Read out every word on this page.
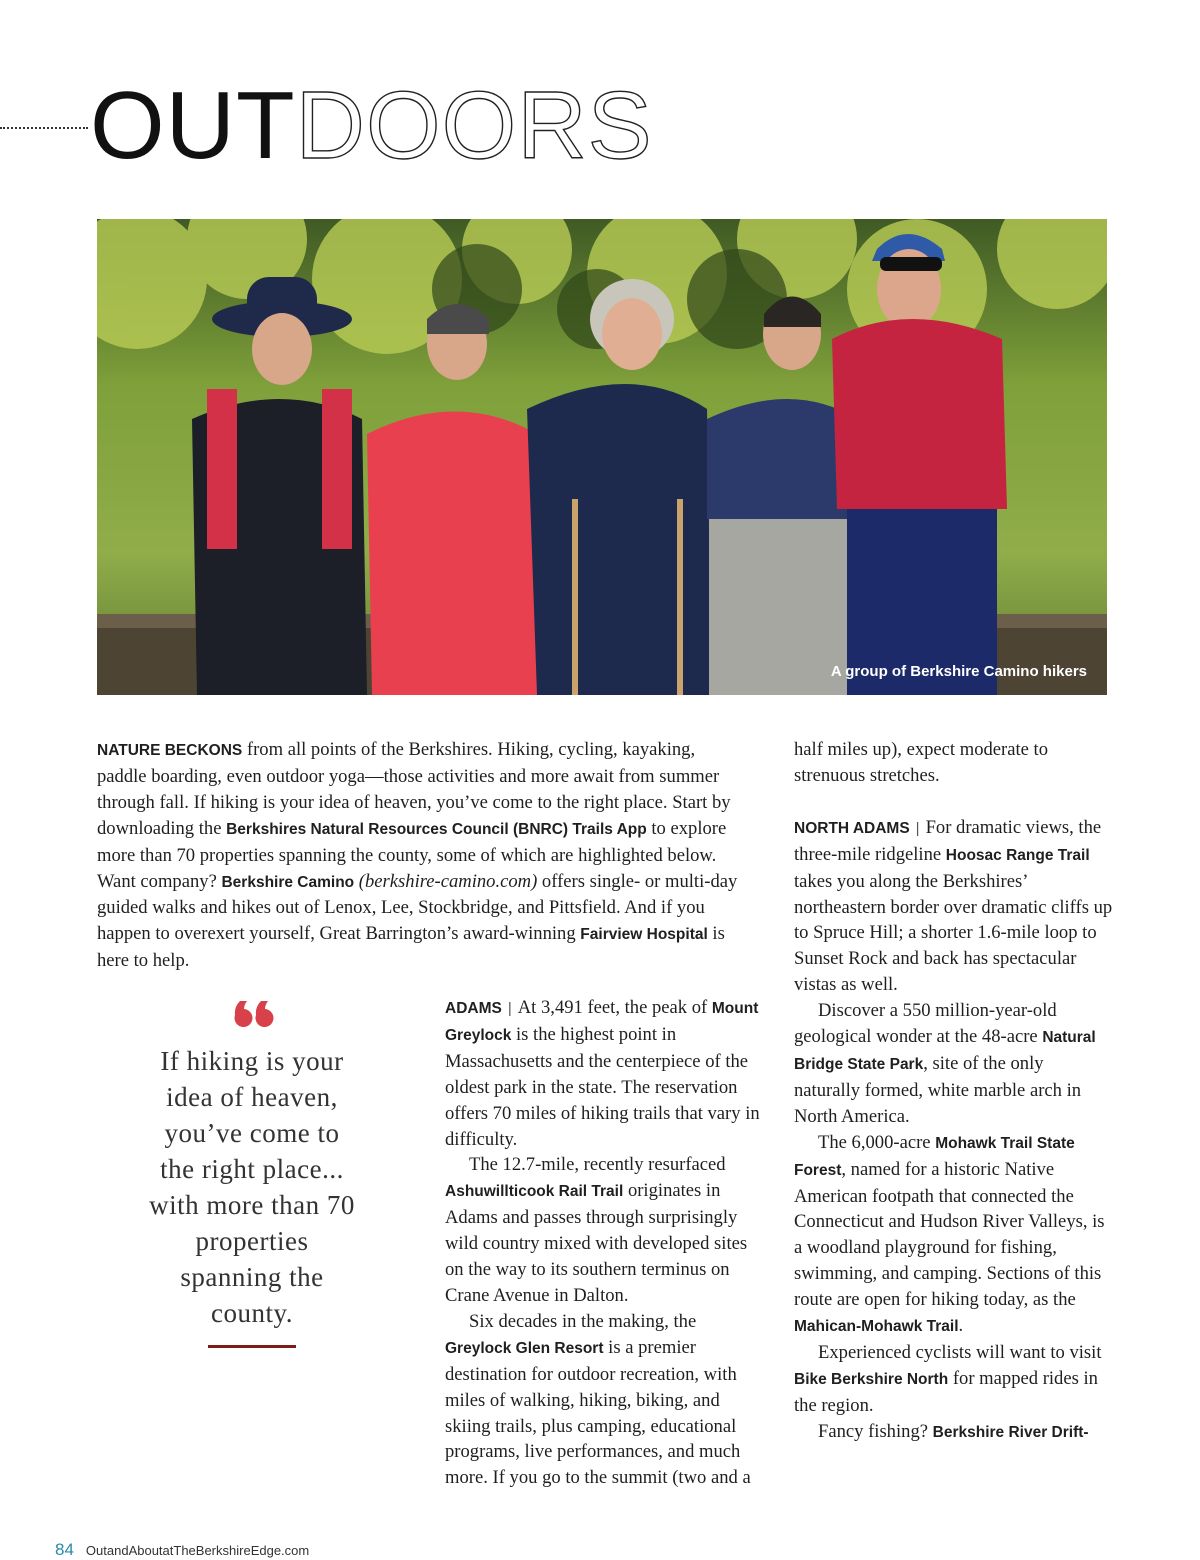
OUTDOORS
A group of Berkshire Camino hikers

NATURE BECKONS from all points of the Berkshires. Hiking, cycling, kayaking, paddle boarding, even outdoor yoga—those activities and more await from summer through fall. If hiking is your idea of heaven, you’ve come to the right place. Start by downloading the Berkshires Natural Resources Council (BNRC) Trails App to explore more than 70 properties spanning the county, some of which are highlighted below. Want company? Berkshire Camino (berkshire-camino.com) offers single- or multi-day guided walks and hikes out of Lenox, Lee, Stockbridge, and Pittsfield. And if you happen to overexert yourself, Great Barrington’s award-winning Fairview Hospital is here to help.

If hiking is your idea of heaven, you’ve come to the right place... with more than 70 properties spanning the county.

ADAMS | At 3,491 feet, the peak of Mount Greylock is the highest point in Massachusetts and the centerpiece of the oldest park in the state. The reservation offers 70 miles of hiking trails that vary in difficulty.

The 12.7-mile, recently resurfaced Ashuwillticook Rail Trail originates in Adams and passes through surprisingly wild country mixed with developed sites on the way to its southern terminus on Crane Avenue in Dalton.

Six decades in the making, the Greylock Glen Resort is a premier destination for outdoor recreation, with miles of walking, hiking, biking, and skiing trails, plus camping, educational programs, live performances, and much more. If you go to the summit (two and a

half miles up), expect moderate to strenuous stretches.

NORTH ADAMS | For dramatic views, the three-mile ridgeline Hoosac Range Trail takes you along the Berkshires’ northeastern border over dramatic cliffs up to Spruce Hill; a shorter 1.6-mile loop to Sunset Rock and back has spectacular vistas as well.

Discover a 550 million-year-old geological wonder at the 48-acre Natural Bridge State Park, site of the only naturally formed, white marble arch in North America.

The 6,000-acre Mohawk Trail State Forest, named for a historic Native American footpath that connected the Connecticut and Hudson River Valleys, is a woodland playground for fishing, swimming, and camping. Sections of this route are open for hiking today, as the Mahican-Mohawk Trail.

Experienced cyclists will want to visit Bike Berkshire North for mapped rides in the region.

Fancy fishing? Berkshire River Drift-

84 OutandAboutatTheBerkshireEdge.com
